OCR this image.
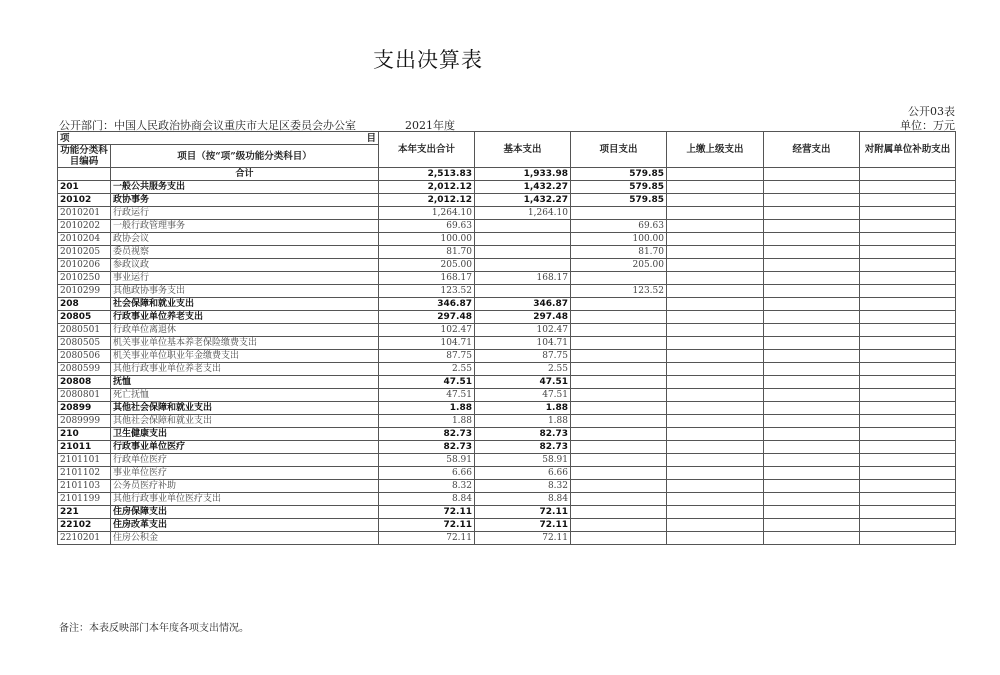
支出决算表
公开03表
公开部门：中国人民政治协商会议重庆市大足区委员会办公室	2021年度	单位：万元
项 目		本年支出合计	基本支出	项目支出	上缴上级支出	经营支出	对附属单位补助支出
功能分类科目编码	项目（按“项”级功能分类科目）						
	合计	2,513.83	1,933.98	579.85			
201	一般公共服务支出	2,012.12	1,432.27	579.85			
20102	政协事务	2,012.12	1,432.27	579.85			
2010201	行政运行	1,264.10	1,264.10				
2010202	一般行政管理事务	69.63		69.63			
2010204	政协会议	100.00		100.00			
2010205	委员视察	81.70		81.70			
2010206	参政议政	205.00		205.00			
2010250	事业运行	168.17	168.17				
2010299	其他政协事务支出	123.52		123.52			
208	社会保障和就业支出	346.87	346.87				
20805	行政事业单位养老支出	297.48	297.48				
2080501	行政单位离退休	102.47	102.47				
2080505	机关事业单位基本养老保险缴费支出	104.71	104.71				
2080506	机关事业单位职业年金缴费支出	87.75	87.75				
2080599	其他行政事业单位养老支出	2.55	2.55				
20808	抚恤	47.51	47.51				
2080801	死亡抚恤	47.51	47.51				
20899	其他社会保障和就业支出	1.88	1.88				
2089999	其他社会保障和就业支出	1.88	1.88				
210	卫生健康支出	82.73	82.73				
21011	行政事业单位医疗	82.73	82.73				
2101101	行政单位医疗	58.91	58.91				
2101102	事业单位医疗	6.66	6.66				
2101103	公务员医疗补助	8.32	8.32				
2101199	其他行政事业单位医疗支出	8.84	8.84				
221	住房保障支出	72.11	72.11				
22102	住房改革支出	72.11	72.11				
2210201	住房公积金	72.11	72.11				
备注：本表反映部门本年度各项支出情况。
